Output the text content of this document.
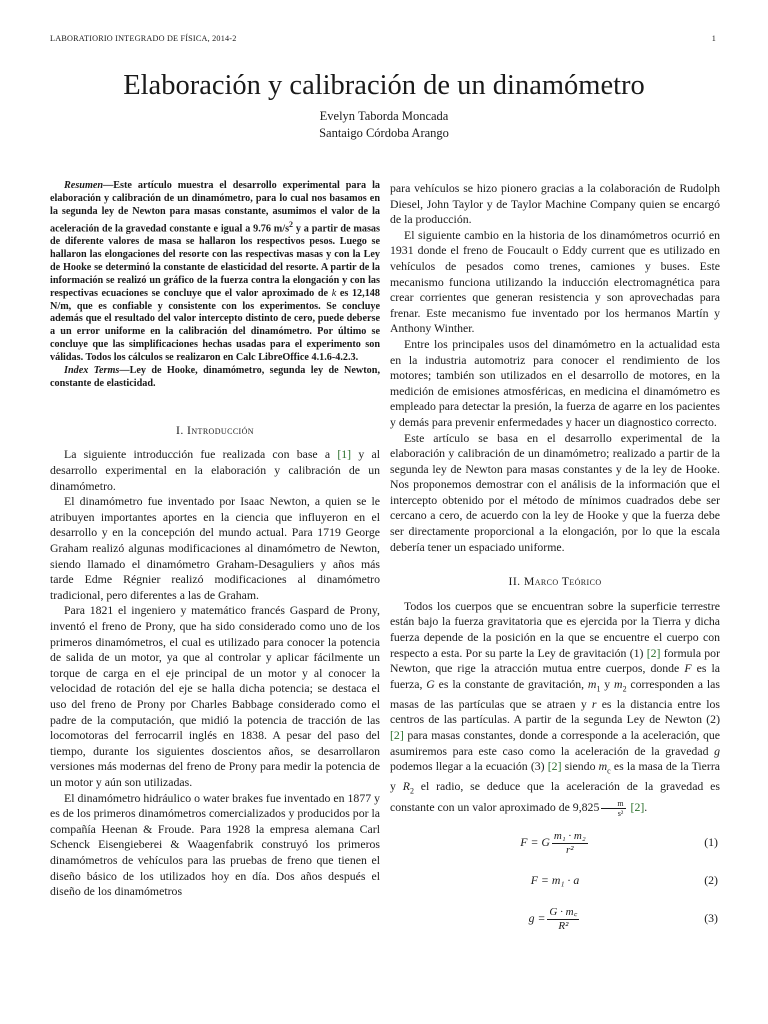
LABORATIORIO INTEGRADO DE FÍSICA, 2014-2	1
Elaboración y calibración de un dinamómetro
Evelyn Taborda Moncada
Santaigo Córdoba Arango

Resumen—Este artículo muestra el desarrollo experimental para la elaboración y calibración de un dinamómetro, para lo cual nos basamos en la segunda ley de Newton para masas constante, asumimos el valor de la aceleración de la gravedad constante e igual a 9.76 $m/s^2$ y a partir de masas de diferente valores de masa se hallaron los respectivos pesos. Luego se hallaron las elongaciones del resorte con las respectivas masas y con la Ley de Hooke se determinó la constante de elasticidad del resorte. A partir de la información se realizó un gráfico de la fuerza contra la elongación y con las respectivas ecuaciones se concluye que el valor aproximado de k es 12,148 N/m, que es confiable y consistente con los experimentos. Se concluye además que el resultado del valor intercepto distinto de cero, puede deberse a un error uniforme en la calibración del dinamómetro. Por último se concluye que las simplificaciones hechas usadas para el experimento son válidas. Todos los cálculos se realizaron en Calc LibreOffice 4.1.6-4.2.3.

Index Terms—Ley de Hooke, dinamómetro, segunda ley de Newton, constante de elasticidad.

I. Introducción

La siguiente introducción fue realizada con base a [1] y al desarrollo experimental en la elaboración y calibración de un dinamómetro.

El dinamómetro fue inventado por Isaac Newton, a quien se le atribuyen importantes aportes en la ciencia que influyeron en el desarrollo y en la concepción del mundo actual. Para 1719 George Graham realizó algunas modificaciones al dinamómetro de Newton, siendo llamado el dinamómetro Graham-Desaguliers y años más tarde Edme Régnier realizó modificaciones al dinamómetro tradicional, pero diferentes a las de Graham.

Para 1821 el ingeniero y matemático francés Gaspard de Prony, inventó el freno de Prony, que ha sido considerado como uno de los primeros dinamómetros, el cual es utilizado para conocer la potencia de salida de un motor, ya que al controlar y aplicar fácilmente un torque de carga en el eje principal de un motor y al conocer la velocidad de rotación del eje se halla dicha potencia; se destaca el uso del freno de Prony por Charles Babbage considerado como el padre de la computación, que midió la potencia de tracción de las locomotoras del ferrocarril inglés en 1838. A pesar del paso del tiempo, durante los siguientes doscientos años, se desarrollaron versiones más modernas del freno de Prony para medir la potencia de un motor y aún son utilizadas.

El dinamómetro hidráulico o water brakes fue inventado en 1877 y es de los primeros dinamómetros comercializados y producidos por la compañía Heenan & Froude. Para 1928 la empresa alemana Carl Schenck Eisengieberei & Waagenfabrik construyó los primeros dinamómetros de vehículos para las pruebas de freno que tienen el diseño básico de los utilizados hoy en día. Dos años después el diseño de los dinamómetros

para vehículos se hizo pionero gracias a la colaboración de Rudolph Diesel, John Taylor y de Taylor Machine Company quien se encargó de la producción.

El siguiente cambio en la historia de los dinamómetros ocurrió en 1931 donde el freno de Foucault o Eddy current que es utilizado en vehículos de pesados como trenes, camiones y buses. Este mecanismo funciona utilizando la inducción electromagnética para crear corrientes que generan resistencia y son aprovechadas para frenar. Este mecanismo fue inventado por los hermanos Martín y Anthony Winther.

Entre los principales usos del dinamómetro en la actualidad esta en la industria automotriz para conocer el rendimiento de los motores; también son utilizados en el desarrollo de motores, en la medición de emisiones atmosféricas, en medicina el dinamómetro es empleado para detectar la presión, la fuerza de agarre en los pacientes y demás para prevenir enfermedades y hacer un diagnostico correcto.

Este artículo se basa en el desarrollo experimental de la elaboración y calibración de un dinamómetro; realizado a partir de la segunda ley de Newton para masas constantes y de la ley de Hooke. Nos proponemos demostrar con el análisis de la información que el intercepto obtenido por el método de mínimos cuadrados debe ser cercano a cero, de acuerdo con la ley de Hooke y que la fuerza debe ser directamente proporcional a la elongación, por lo que la escala debería tener un espaciado uniforme.

II. Marco Teórico

Todos los cuerpos que se encuentran sobre la superficie terrestre están bajo la fuerza gravitatoria que es ejercida por la Tierra y dicha fuerza depende de la posición en la que se encuentre el cuerpo con respecto a esta. Por su parte la Ley de gravitación (1) [2] formula por Newton, que rige la atracción mutua entre cuerpos, donde F es la fuerza, G es la constante de gravitación, $m_1$ y $m_2$ corresponden a las masas de las partículas que se atraen y r es la distancia entre los centros de las partículas. A partir de la segunda Ley de Newton (2) [2] para masas constantes, donde a corresponde a la aceleración, que asumiremos para este caso como la aceleración de la gravedad g podemos llegar a la ecuación (3) [2] siendo $m_c$ es la masa de la Tierra y $R_2$ el radio, se deduce que la aceleración de la gravedad es constante con un valor aproximado de $9,825 \frac{m}{\text{s²}} [2]$.

F = G $\frac{\text{m₁ · m₂}}{\text{r²}}$	(1)
F = m₁ · a	(2)
$g = \frac{G \cdot m꜀}{\text{R²}}$	(3)
